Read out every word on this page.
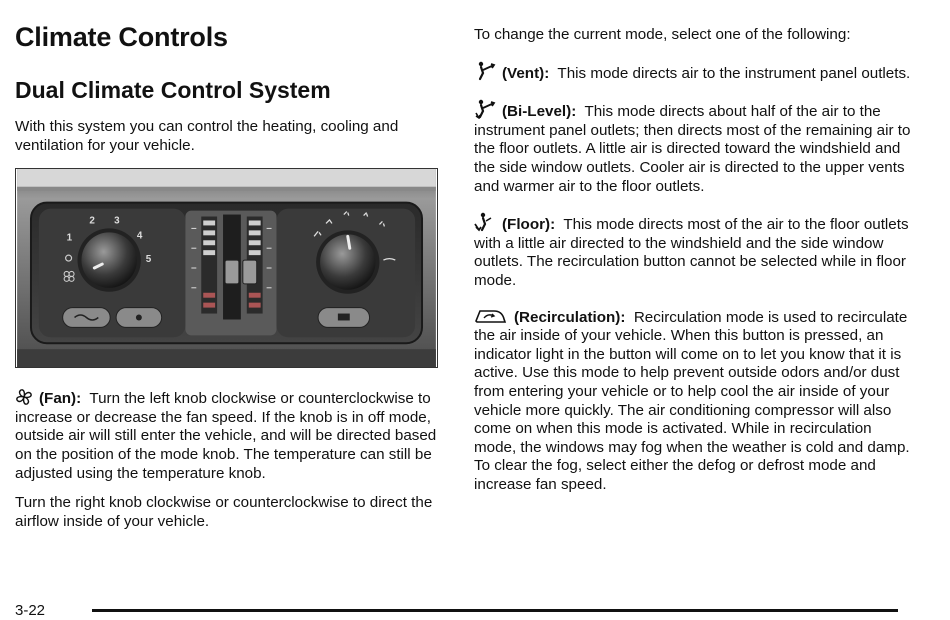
Climate Controls
Dual Climate Control System

With this system you can control the heating, cooling and ventilation for your vehicle.

1
2 3
4
5

(Fan): Turn the left knob clockwise or counterclockwise to increase or decrease the fan speed. If the knob is in off mode, outside air will still enter the vehicle, and will be directed based on the position of the mode knob. The temperature can still be adjusted using the temperature knob.

Turn the right knob clockwise or counterclockwise to direct the airflow inside of your vehicle.

To change the current mode, select one of the following:

(Vent): This mode directs air to the instrument panel outlets.

(Bi-Level): This mode directs about half of the air to the instrument panel outlets; then directs most of the remaining air to the floor outlets. A little air is directed toward the windshield and the side window outlets. Cooler air is directed to the upper vents and warmer air to the floor outlets.

(Floor): This mode directs most of the air to the floor outlets with a little air directed to the windshield and the side window outlets. The recirculation button cannot be selected while in floor mode.

(Recirculation): Recirculation mode is used to recirculate the air inside of your vehicle. When this button is pressed, an indicator light in the button will come on to let you know that it is active. Use this mode to help prevent outside odors and/or dust from entering your vehicle or to help cool the air inside of your vehicle more quickly. The air conditioning compressor will also come on when this mode is activated. While in recirculation mode, the windows may fog when the weather is cold and damp. To clear the fog, select either the defog or defrost mode and increase fan speed.

3-22
